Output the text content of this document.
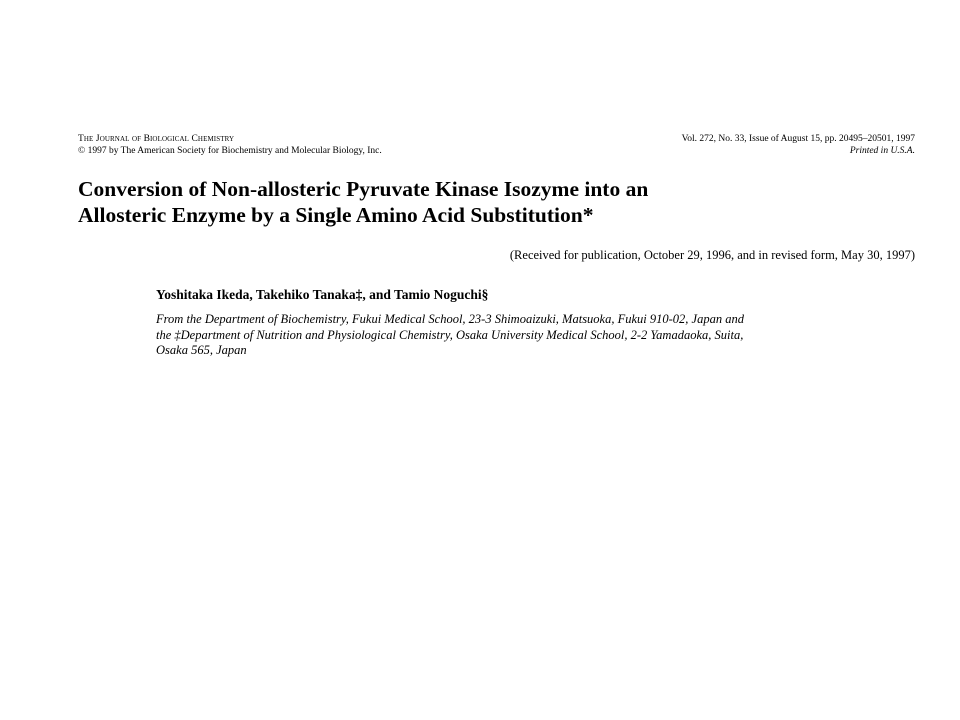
The Journal of Biological Chemistry
© 1997 by The American Society for Biochemistry and Molecular Biology, Inc.
Vol. 272, No. 33, Issue of August 15, pp. 20495–20501, 1997
Printed in U.S.A.
Conversion of Non-allosteric Pyruvate Kinase Isozyme into an
Allosteric Enzyme by a Single Amino Acid Substitution*
(Received for publication, October 29, 1996, and in revised form, May 30, 1997)
Yoshitaka Ikeda, Takehiko Tanaka‡, and Tamio Noguchi§
From the Department of Biochemistry, Fukui Medical School, 23-3 Shimoaizuki, Matsuoka, Fukui 910-02, Japan and
the ‡Department of Nutrition and Physiological Chemistry, Osaka University Medical School, 2-2 Yamadaoka, Suita,
Osaka 565, Japan
